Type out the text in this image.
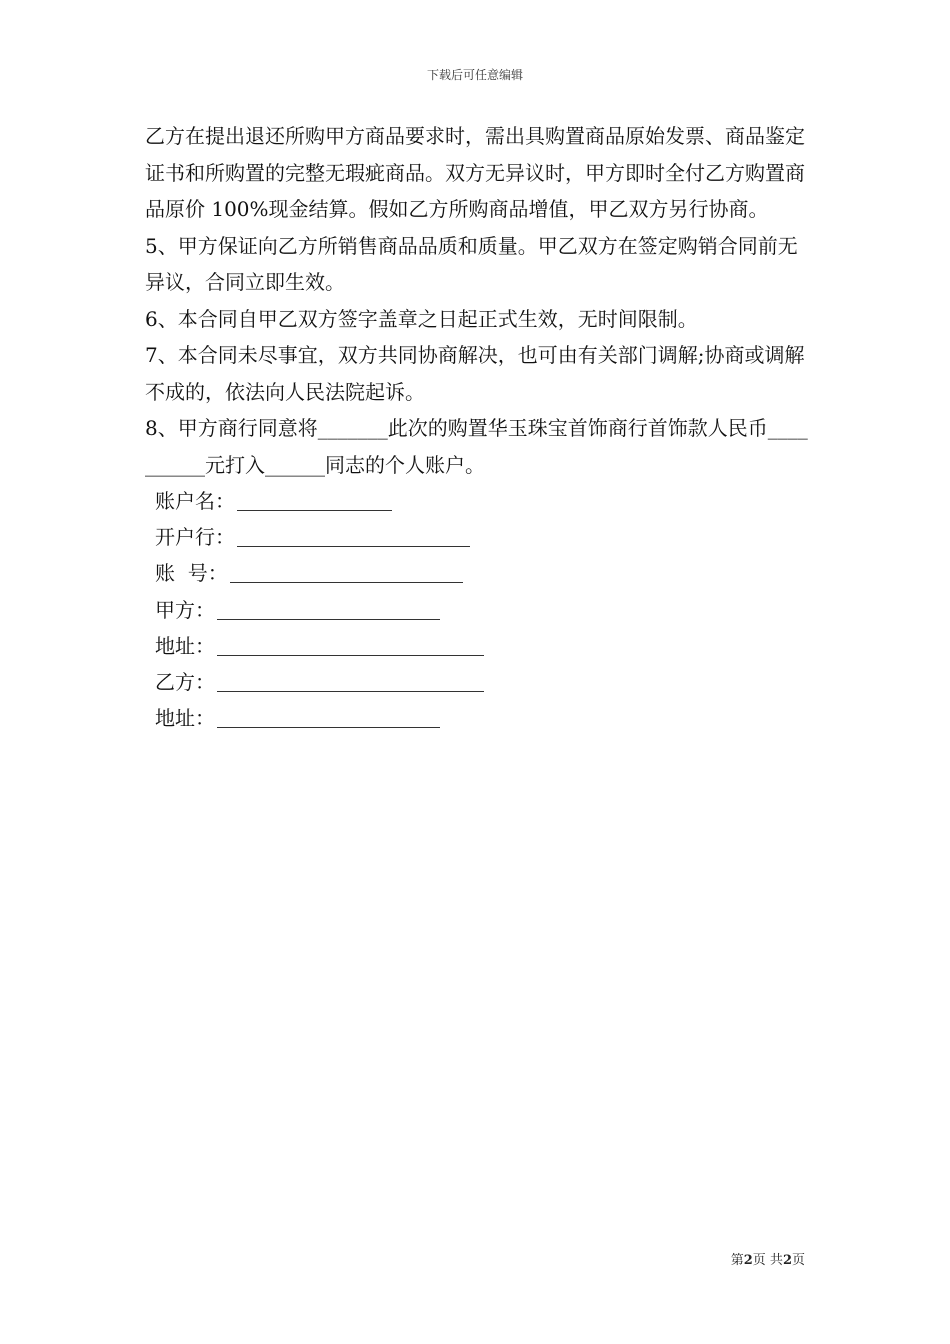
下载后可任意编辑

乙方在提出退还所购甲方商品要求时，需出具购置商品原始发票、商品鉴定证书和所购置的完整无瑕疵商品。双方无异议时，甲方即时全付乙方购置商品原价 100%现金结算。假如乙方所购商品增值，甲乙双方另行协商。

5、甲方保证向乙方所销售商品品质和质量。甲乙双方在签定购销合同前无异议，合同立即生效。

6、本合同自甲乙双方签字盖章之日起正式生效，无时间限制。

7、本合同未尽事宜，双方共同协商解决，也可由有关部门调解;协商或调解不成的，依法向人民法院起诉。

8、甲方商行同意将_______此次的购置华玉珠宝首饰商行首饰款人民币__________元打入______同志的个人账户。

账户名：
开户行：
账  号：
甲方：
地址：
乙方：
地址：
第2页 共2页
